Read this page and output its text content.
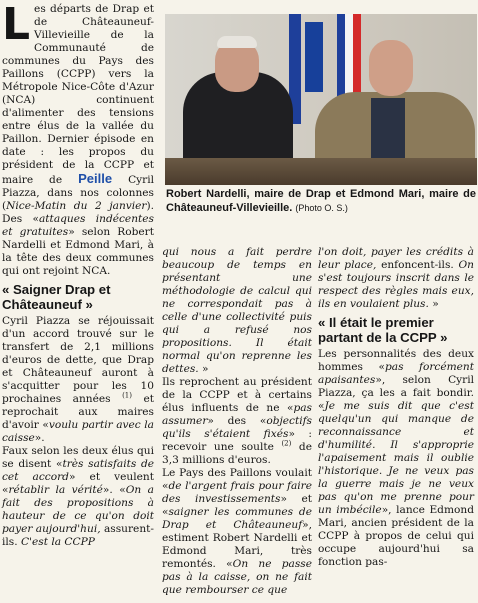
Les départs de Drap et de Châteauneuf-Villevieille de la Communauté de communes du Pays des Paillons (CCPP) vers la Métropole Nice-Côte d'Azur (NCA) continuent d'alimenter des tensions entre élus de la vallée du Paillon. Dernier épisode en date : les propos du président de la CCPP et maire de Peille Cyril Piazza, dans nos colonnes (Nice-Matin du 2 janvier). Des «attaques indécentes et gratuites» selon Robert Nardelli et Edmond Mari, à la tête des deux communes qui ont rejoint NCA.

« Saigner Drap et Châteauneuf »

Cyril Piazza se réjouissait d'un accord trouvé sur le transfert de 2,1 millions d'euros de dette, que Drap et Châteauneuf auront à s'acquitter pour les 10 prochaines années $^{(1)}$ et reprochait aux maires d'avoir «voulu partir avec la caisse».

Faux selon les deux élus qui se disent «très satisfaits de cet accord» et veulent «rétablir la vérité». «On a fait des propositions à hauteur de ce qu'on doit payer aujourd'hui, assurent-ils. C'est la CCPP

Robert Nardelli, maire de Drap et Edmond Mari, maire de Châteauneuf-Villevieille. (Photo O. S.)

qui nous a fait perdre beaucoup de temps en présentant une méthodologie de calcul qui ne correspondait pas à celle d'une collectivité puis qui a refusé nos propositions. Il était normal qu'on reprenne les dettes. »

Ils reprochent au président de la CCPP et à certains élus influents de ne «pas assumer» des «objectifs qu'ils s'étaient fixés» : recevoir une soulte $^{(2)}$ de 3,3 millions d'euros.

Le Pays des Paillons voulait «de l'argent frais pour faire des investissements» et «saigner les communes de Drap et Châteauneuf», estiment Robert Nardelli et Edmond Mari, très remontés. «On ne passe pas à la caisse, on ne fait que rembourser ce que

l'on doit, payer les crédits à leur place, enfoncent-ils. On s'est toujours inscrit dans le respect des règles mais eux, ils en voulaient plus. »

« Il était le premier partant de la CCPP »

Les personnalités des deux hommes «pas forcément apaisantes», selon Cyril Piazza, ça les a fait bondir. «Je me suis dit que c'est quelqu'un qui manque de reconnaissance et d'humilité. Il s'approprie l'apaisement mais il oublie l'historique. Je ne veux pas la guerre mais je ne veux pas qu'on me prenne pour un imbécile», lance Edmond Mari, ancien président de la CCPP à propos de celui qui occupe aujourd'hui sa fonction pas-
